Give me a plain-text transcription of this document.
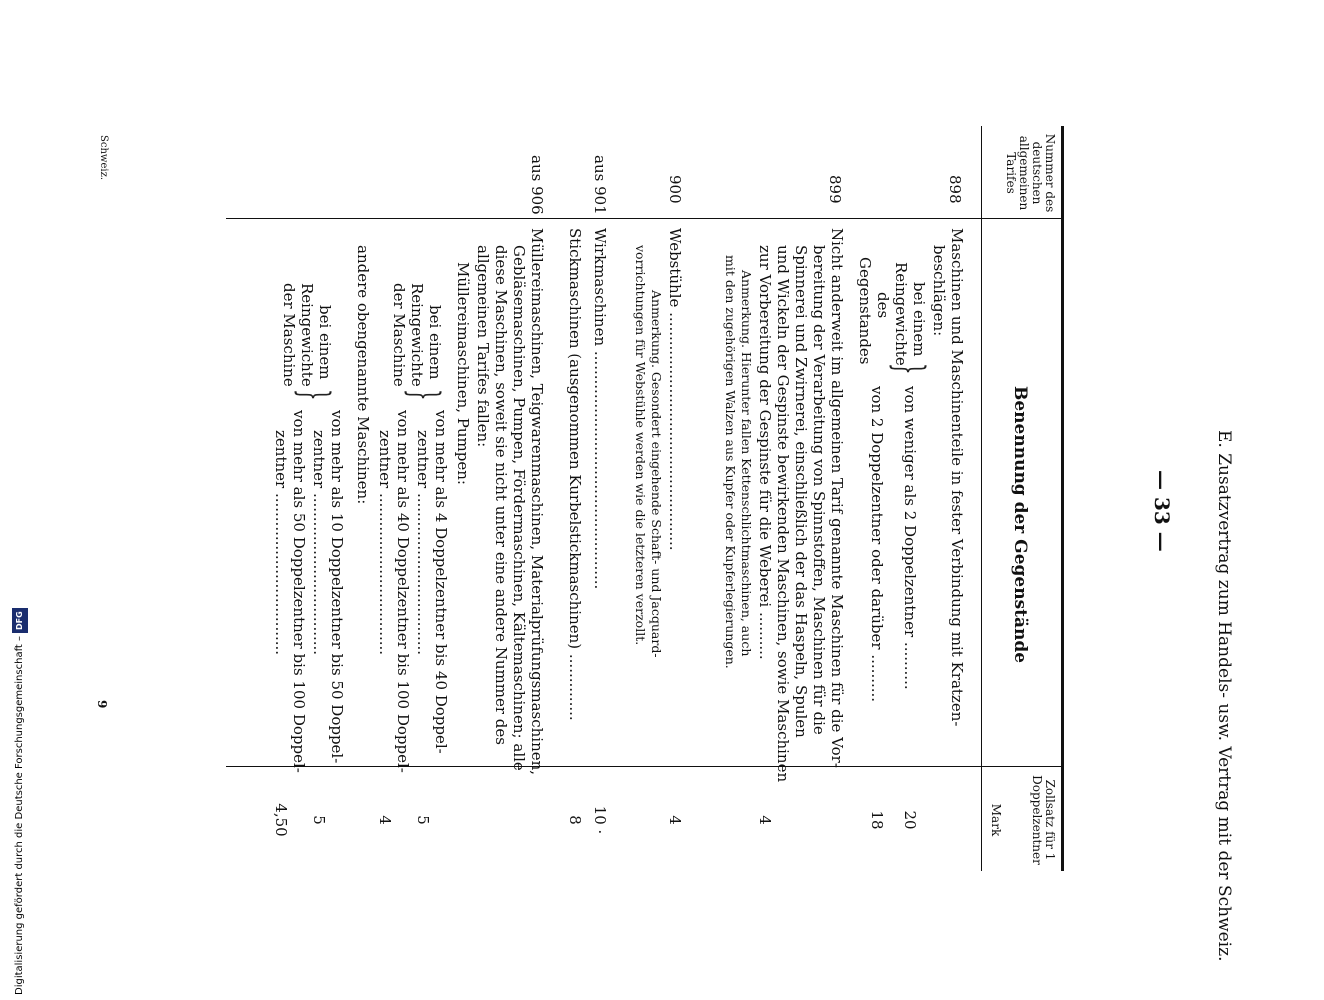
Digitalisierung gefördert durch die Deutsche Forschungsgemeinschaft –DFG
— 33 — E. Zusatzvertrag zum Handels- usw. Vertrag mit der Schweiz.
Nummer des deutschen allgemeinen Tarifes
Benennung der Gegenstände
Zollsatz für 1 Doppelzentner
Mark
898
Maschinen und Maschinenteile in fester Verbindung mit Kratzen-
beschlägen:
bei einem
Reingewichte
des
Gegenstandes
}
von weniger als 2 Doppelzentner ..........
20
von 2 Doppelzentner oder darüber ..........
18
899
Nicht anderweit im allgemeinen Tarif genannte Maschinen für die Vor-
bereitung der Verarbeitung von Spinnstoffen, Maschinen für die
Spinnerei und Zwirnerei, einschließlich der das Haspeln, Spulen
und Wickeln der Gespinste bewirkenden Maschinen, sowie Maschinen
zur Vorbereitung der Gespinste für die Weberei ..........
Anmerkung. Hierunter fallen Kettenschlichtmaschinen, auch
mit den zugehörigen Walzen aus Kupfer oder Kupferlegierungen.
4
900
Webstühle ..................................................
Anmerkung. Gesondert eingehende Schaft- und Jacquard-
vorrichtungen für Webstühle werden wie die letzteren verzollt.
4
aus 901
Wirkmaschinen ..................................................
10 ·
Stickmaschinen (ausgenommen Kurbelstickmaschinen) ..............
8
aus 906
Müllereimaschinen, Teigwarenmaschinen, Materialprüfungsmaschinen,
Gebläsemaschinen, Pumpen, Fördermaschinen, Kältemaschinen; alle
diese Maschinen, soweit sie nicht unter eine andere Nummer des
allgemeinen Tarifes fallen:
Müllereimaschinen, Pumpen:
bei einem
Reingewichte
der Maschine
}
von mehr als 4 Doppelzentner bis 40 Doppel-
zentner ..................................
5
von mehr als 40 Doppelzentner bis 100 Doppel-
zentner ..................................
4
andere obengenannte Maschinen:
bei einem
Reingewichte
der Maschine
}
von mehr als 10 Doppelzentner bis 50 Doppel-
zentner ..................................
5
von mehr als 50 Doppelzentner bis 100 Doppel-
zentner ..................................
4,50
Schweiz.
9
